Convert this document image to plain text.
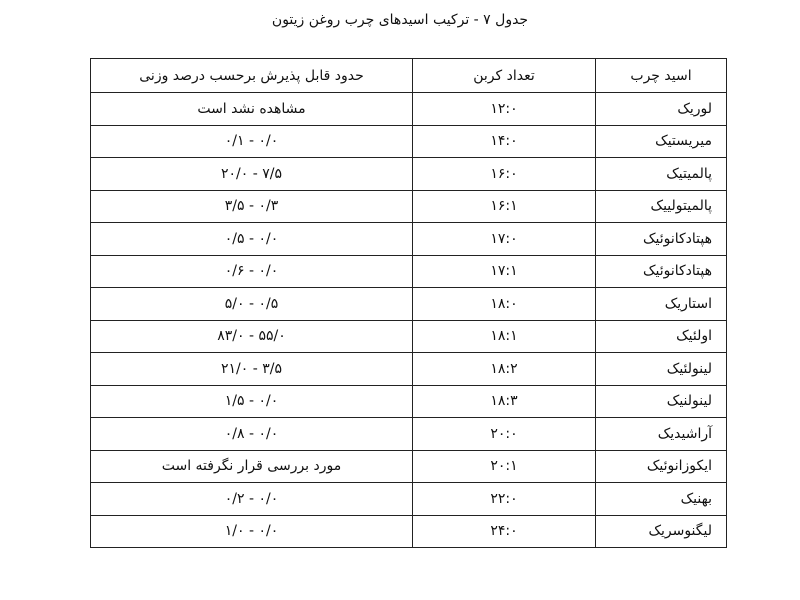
جدول ۷ - ترکیب اسیدهای چرب روغن زیتون
اسید چرب	تعداد کربن	حدود قابل پذیرش برحسب درصد وزنی
لوریک	۱۲:۰	مشاهده نشد است
میریستیک	۱۴:۰	۰/۰ - ۰/۱
پالمیتیک	۱۶:۰	۷/۵ - ۲۰/۰
پالمیتولییک	۱۶:۱	۰/۳ - ۳/۵
هپتادکانوئیک	۱۷:۰	۰/۰ - ۰/۵
هپتادکانوئیک	۱۷:۱	۰/۰ - ۰/۶
استاریک	۱۸:۰	۰/۵ - ۵/۰
اولئیک	۱۸:۱	۵۵/۰ - ۸۳/۰
لینولئیک	۱۸:۲	۳/۵ - ۲۱/۰
لینولنیک	۱۸:۳	۰/۰ - ۱/۵
آراشیدیک	۲۰:۰	۰/۰ - ۰/۸
ایکوزانوئیک	۲۰:۱	مورد بررسی قرار نگرفته است
بهنیک	۲۲:۰	۰/۰ - ۰/۲
لیگنوسریک	۲۴:۰	۰/۰ - ۱/۰
